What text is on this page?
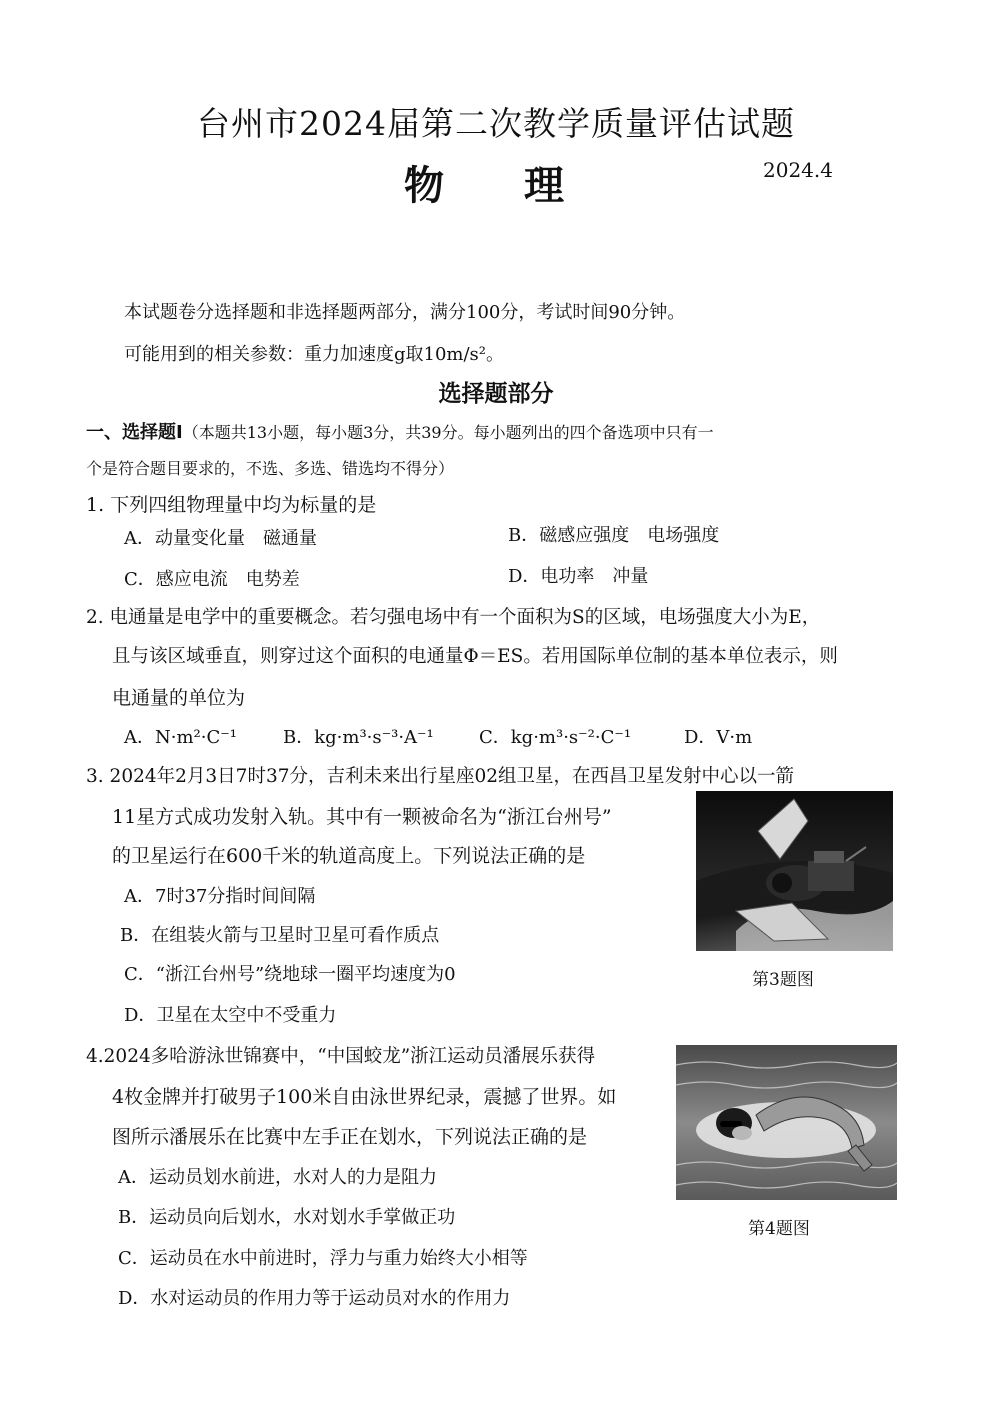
台州市2024届第二次教学质量评估试题
物 理	2024.4
本试题卷分选择题和非选择题两部分，满分100分，考试时间90分钟。
可能用到的相关参数：重力加速度g取10m/s²。
选择题部分
一、选择题Ⅰ（本题共13小题，每小题3分，共39分。每小题列出的四个备选项中只有一
个是符合题目要求的，不选、多选、错选均不得分）
1. 下列四组物理量中均为标量的是
A．动量变化量　磁通量	B．磁感应强度　电场强度
C．感应电流　电势差	D．电功率　冲量
2. 电通量是电学中的重要概念。若匀强电场中有一个面积为S的区域，电场强度大小为E，
且与该区域垂直，则穿过这个面积的电通量Φ＝ES。若用国际单位制的基本单位表示，则
电通量的单位为
A．N·m²·C⁻¹	B．kg·m³·s⁻³·A⁻¹	C．kg·m³·s⁻²·C⁻¹	D．V·m
3. 2024年2月3日7时37分，吉利未来出行星座02组卫星，在西昌卫星发射中心以一箭
11星方式成功发射入轨。其中有一颗被命名为“浙江台州号”
的卫星运行在600千米的轨道高度上。下列说法正确的是
A．7时37分指时间间隔
B．在组装火箭与卫星时卫星可看作质点
C．“浙江台州号”绕地球一圈平均速度为0
D．卫星在太空中不受重力
第3题图
4.2024多哈游泳世锦赛中，“中国蛟龙”浙江运动员潘展乐获得
4枚金牌并打破男子100米自由泳世界纪录，震撼了世界。如
图所示潘展乐在比赛中左手正在划水，下列说法正确的是
A．运动员划水前进，水对人的力是阻力
B．运动员向后划水，水对划水手掌做正功
C．运动员在水中前进时，浮力与重力始终大小相等
D．水对运动员的作用力等于运动员对水的作用力
第4题图
